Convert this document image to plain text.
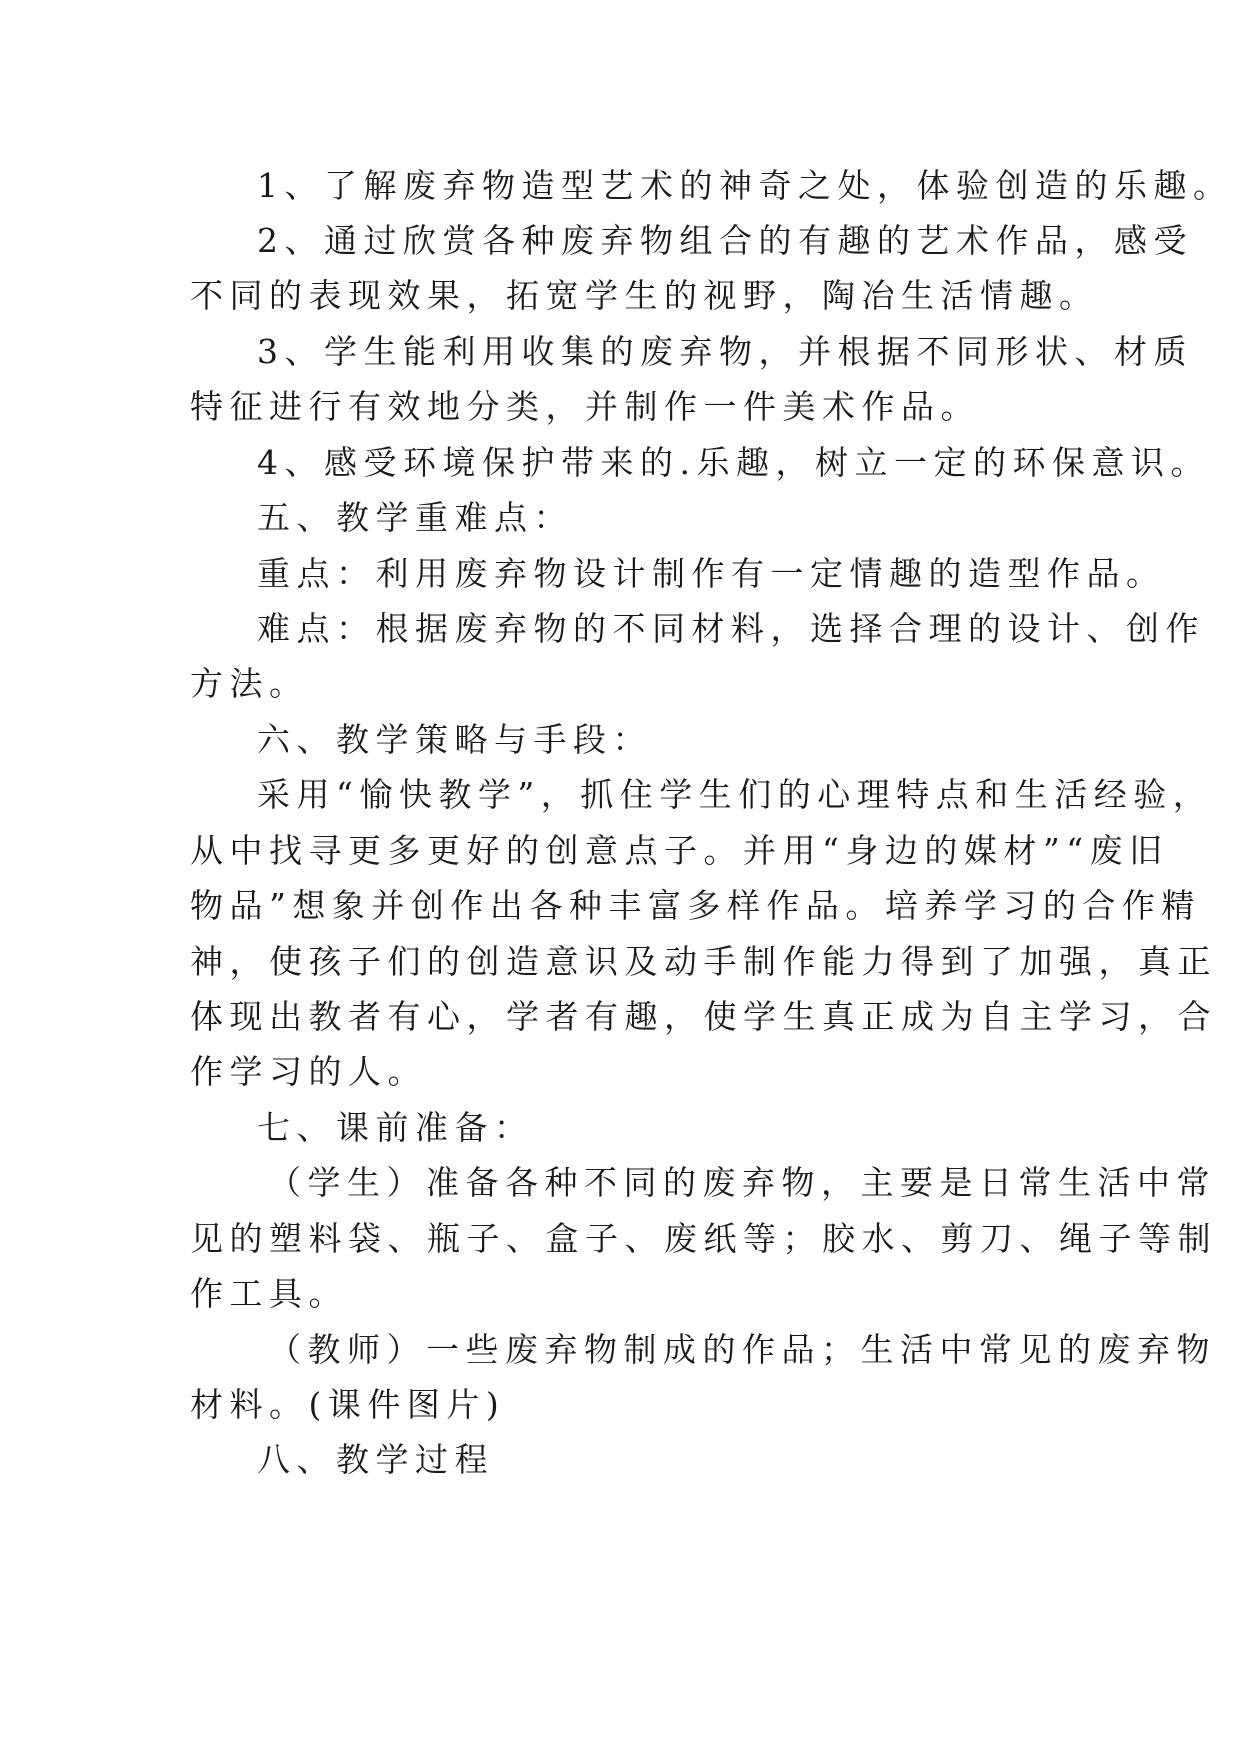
1、了解废弃物造型艺术的神奇之处，体验创造的乐趣。
2、通过欣赏各种废弃物组合的有趣的艺术作品，感受
不同的表现效果，拓宽学生的视野，陶冶生活情趣。
3、学生能利用收集的废弃物，并根据不同形状、材质
特征进行有效地分类，并制作一件美术作品。
4、感受环境保护带来的.乐趣，树立一定的环保意识。
五、教学重难点：
重点：利用废弃物设计制作有一定情趣的造型作品。
难点：根据废弃物的不同材料，选择合理的设计、创作
方法。
六、教学策略与手段：
采用“愉快教学”，抓住学生们的心理特点和生活经验，
从中找寻更多更好的创意点子。并用“身边的媒材”“废旧
物品”想象并创作出各种丰富多样作品。培养学习的合作精
神，使孩子们的创造意识及动手制作能力得到了加强，真正
体现出教者有心，学者有趣，使学生真正成为自主学习，合
作学习的人。
七、课前准备：
（学生）准备各种不同的废弃物，主要是日常生活中常
见的塑料袋、瓶子、盒子、废纸等；胶水、剪刀、绳子等制
作工具。
（教师）一些废弃物制成的作品；生活中常见的废弃物
材料。(课件图片)
八、教学过程
